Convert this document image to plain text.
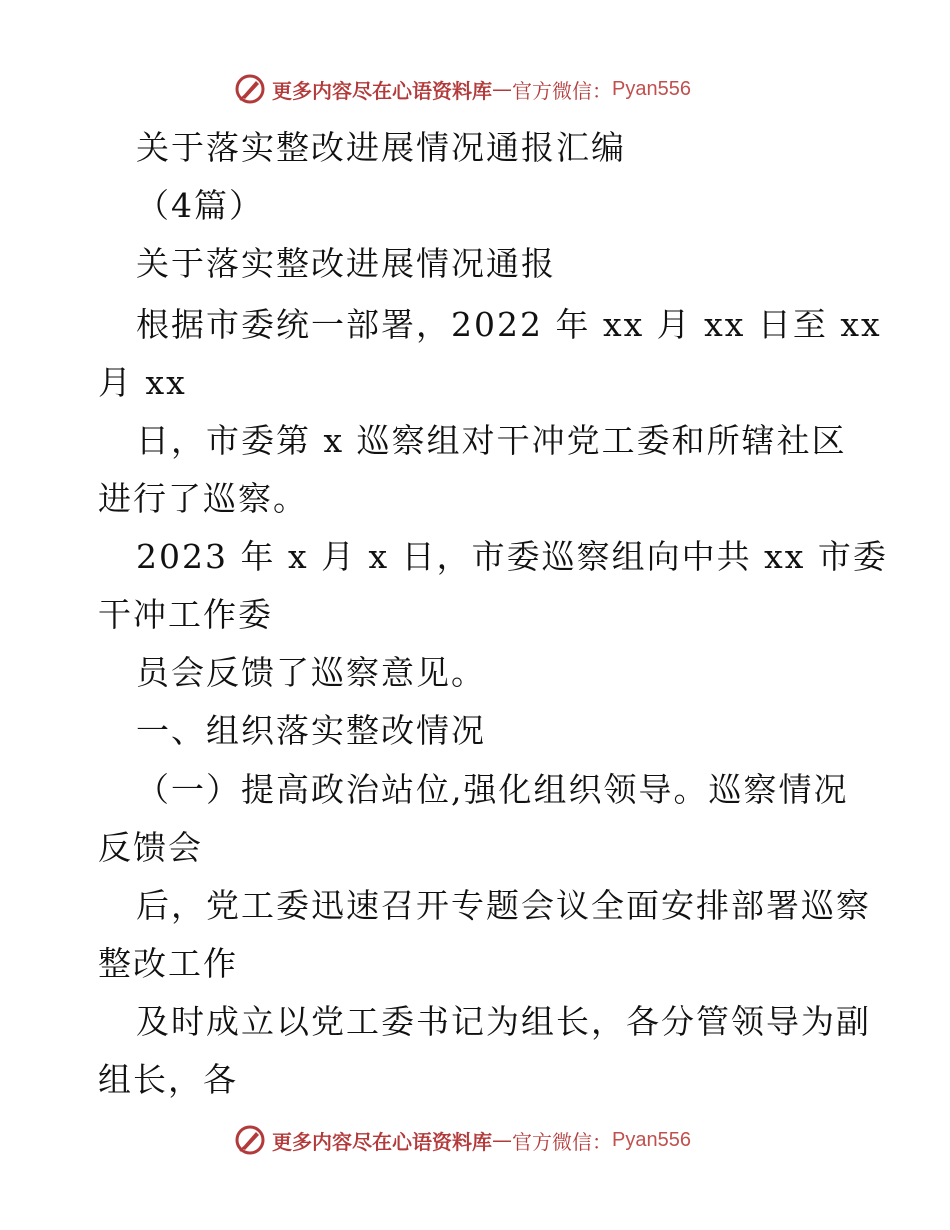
更多内容尽在心语资料库 — 官方微信： Pyan556
关于落实整改进展情况通报汇编
（4篇）
关于落实整改进展情况通报
根据市委统一部署，2022 年 xx 月 xx 日至 xx
月 xx
日，市委第 x 巡察组对干冲党工委和所辖社区
进行了巡察。
2023 年 x 月 x 日，市委巡察组向中共 xx 市委
干冲工作委
员会反馈了巡察意见。
一、组织落实整改情况
（一）提高政治站位,强化组织领导。巡察情况
反馈会
后，党工委迅速召开专题会议全面安排部署巡察
整改工作
及时成立以党工委书记为组长，各分管领导为副
组长，各
更多内容尽在心语资料库 — 官方微信： Pyan556
